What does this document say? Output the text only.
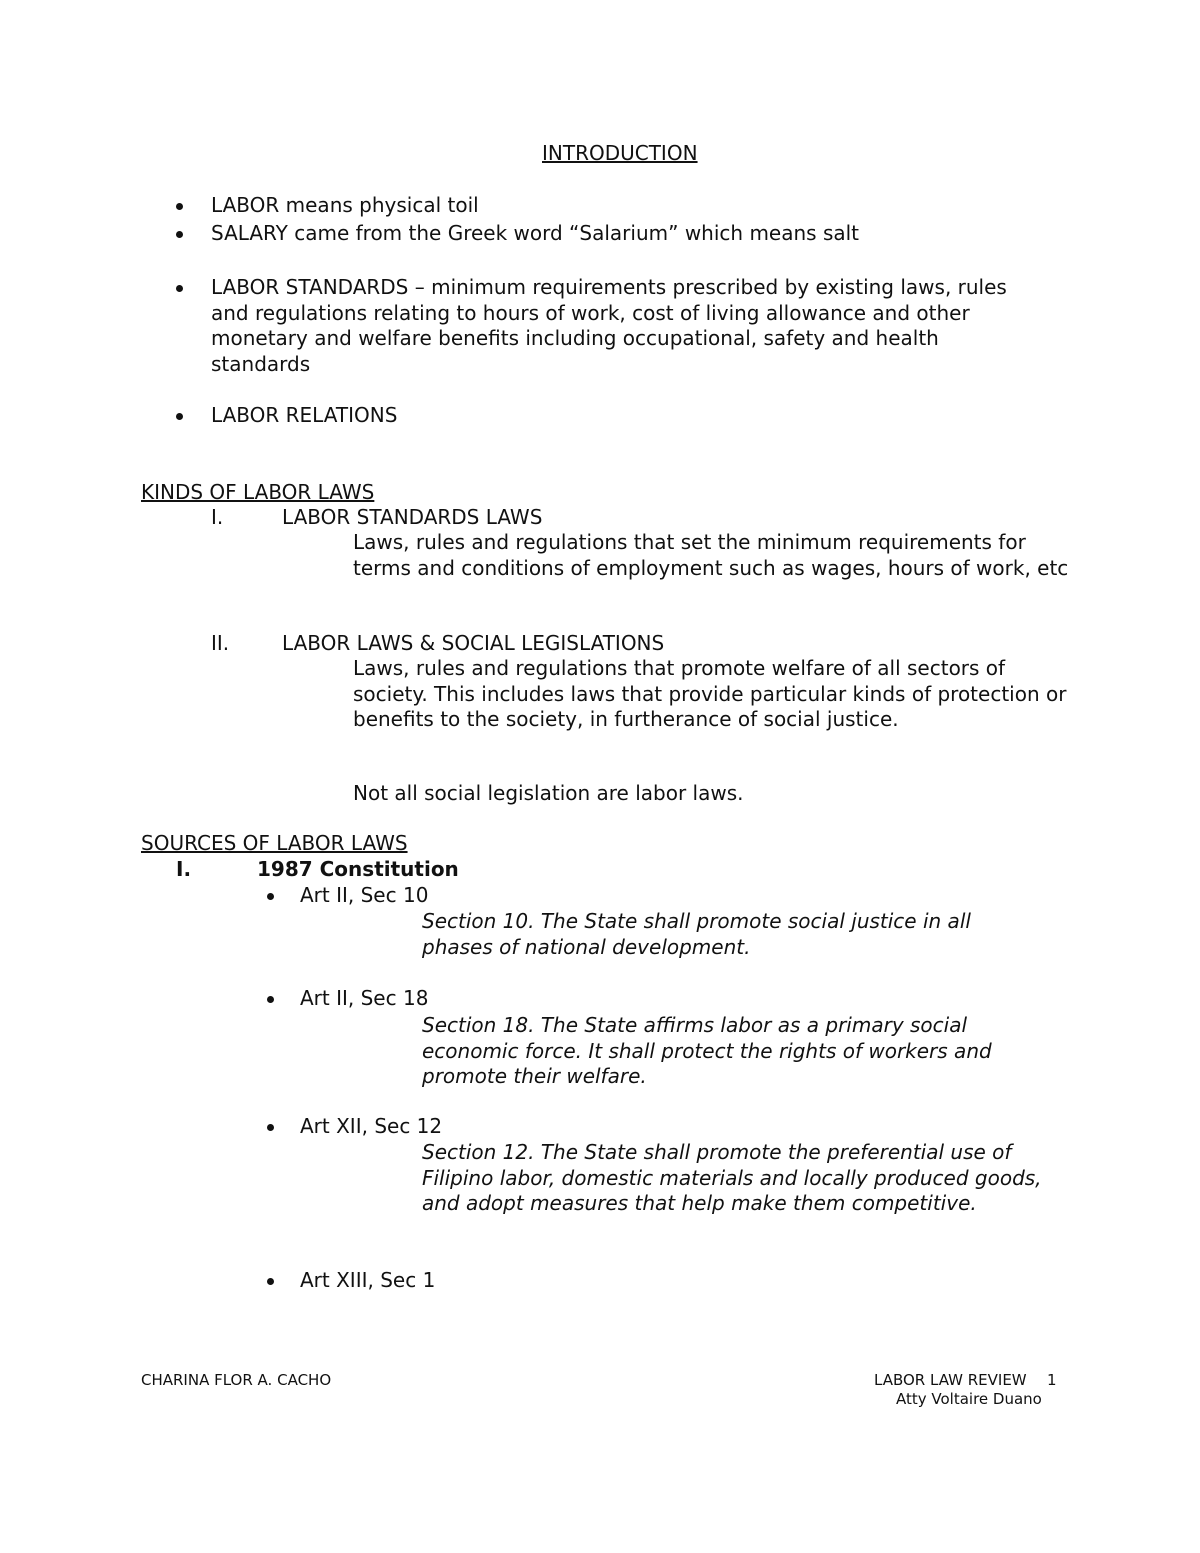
INTRODUCTION
LABOR means physical toil
SALARY came from the Greek word “Salarium” which means salt
LABOR STANDARDS – minimum requirements prescribed by existing laws, rules and regulations relating to hours of work, cost of living allowance and other monetary and welfare benefits including occupational, safety and health standards
LABOR RELATIONS
KINDS OF LABOR LAWS
I.	LABOR STANDARDS LAWS
Laws, rules and regulations that set the minimum requirements for terms and conditions of employment such as wages, hours of work, etc
II.	LABOR LAWS & SOCIAL LEGISLATIONS
Laws, rules and regulations that promote welfare of all sectors of society. This includes laws that provide particular kinds of protection or benefits to the society, in furtherance of social justice.
Not all social legislation are labor laws.
SOURCES OF LABOR LAWS
I.	1987 Constitution
Art II, Sec 10
Section 10. The State shall promote social justice in all phases of national development.
Art II, Sec 18
Section 18. The State affirms labor as a primary social economic force. It shall protect the rights of workers and promote their welfare.
Art XII, Sec 12
Section 12. The State shall promote the preferential use of Filipino labor, domestic materials and locally produced goods, and adopt measures that help make them competitive.
Art XIII, Sec 1
CHARINA FLOR A. CACHO	LABOR LAW REVIEW 1
Atty Voltaire Duano
